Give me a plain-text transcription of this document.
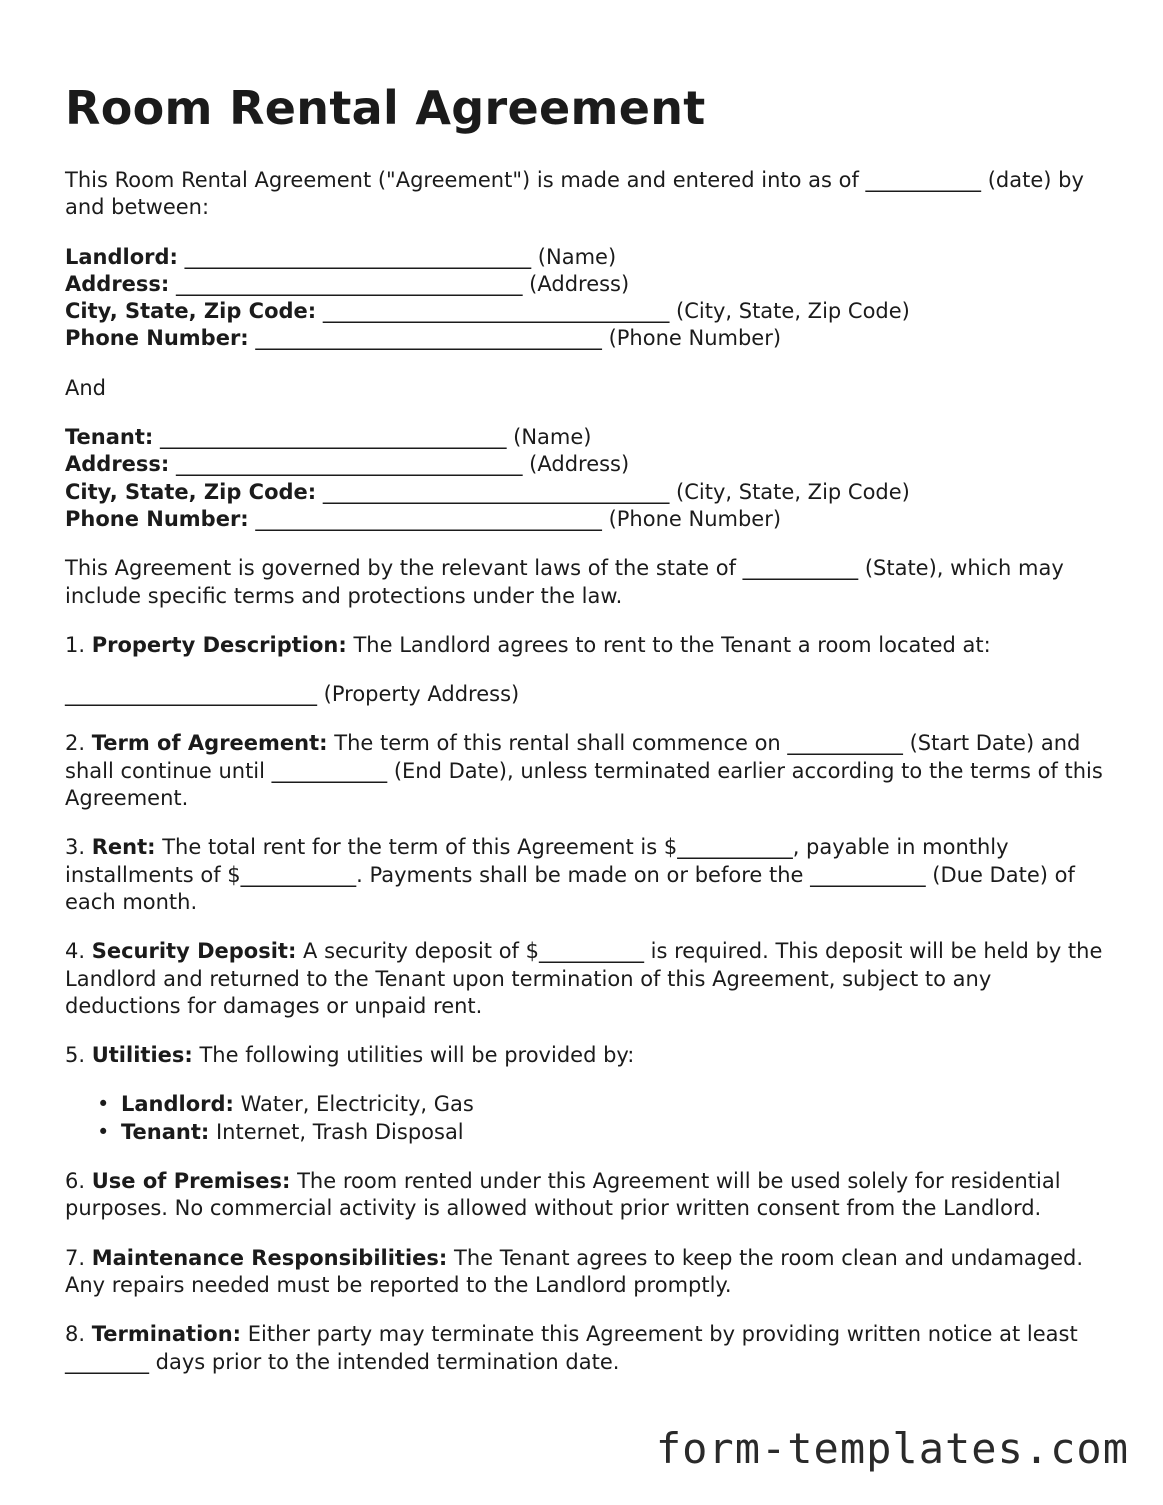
Room Rental Agreement

This Room Rental Agreement ("Agreement") is made and entered into as of ___________ (date) by and between:

Landlord: _________________________________ (Name)

Address: _________________________________ (Address)

City, State, Zip Code: _________________________________ (City, State, Zip Code)

Phone Number: _________________________________ (Phone Number)

And

Tenant: _________________________________ (Name)

Address: _________________________________ (Address)

City, State, Zip Code: _________________________________ (City, State, Zip Code)

Phone Number: _________________________________ (Phone Number)

This Agreement is governed by the relevant laws of the state of ___________ (State), which may include specific terms and protections under the law.

1. Property Description: The Landlord agrees to rent to the Tenant a room located at:

________________________ (Property Address)

2. Term of Agreement: The term of this rental shall commence on ___________ (Start Date) and shall continue until ___________ (End Date), unless terminated earlier according to the terms of this Agreement.

3. Rent: The total rent for the term of this Agreement is $___________, payable in monthly installments of $___________. Payments shall be made on or before the ___________ (Due Date) of each month.

4. Security Deposit: A security deposit of $__________ is required. This deposit will be held by the Landlord and returned to the Tenant upon termination of this Agreement, subject to any deductions for damages or unpaid rent.

5. Utilities: The following utilities will be provided by:

• Landlord: Water, Electricity, Gas
• Tenant: Internet, Trash Disposal

6. Use of Premises: The room rented under this Agreement will be used solely for residential purposes. No commercial activity is allowed without prior written consent from the Landlord.

7. Maintenance Responsibilities: The Tenant agrees to keep the room clean and undamaged. Any repairs needed must be reported to the Landlord promptly.

8. Termination: Either party may terminate this Agreement by providing written notice at least ________ days prior to the intended termination date.

form-templates.com
